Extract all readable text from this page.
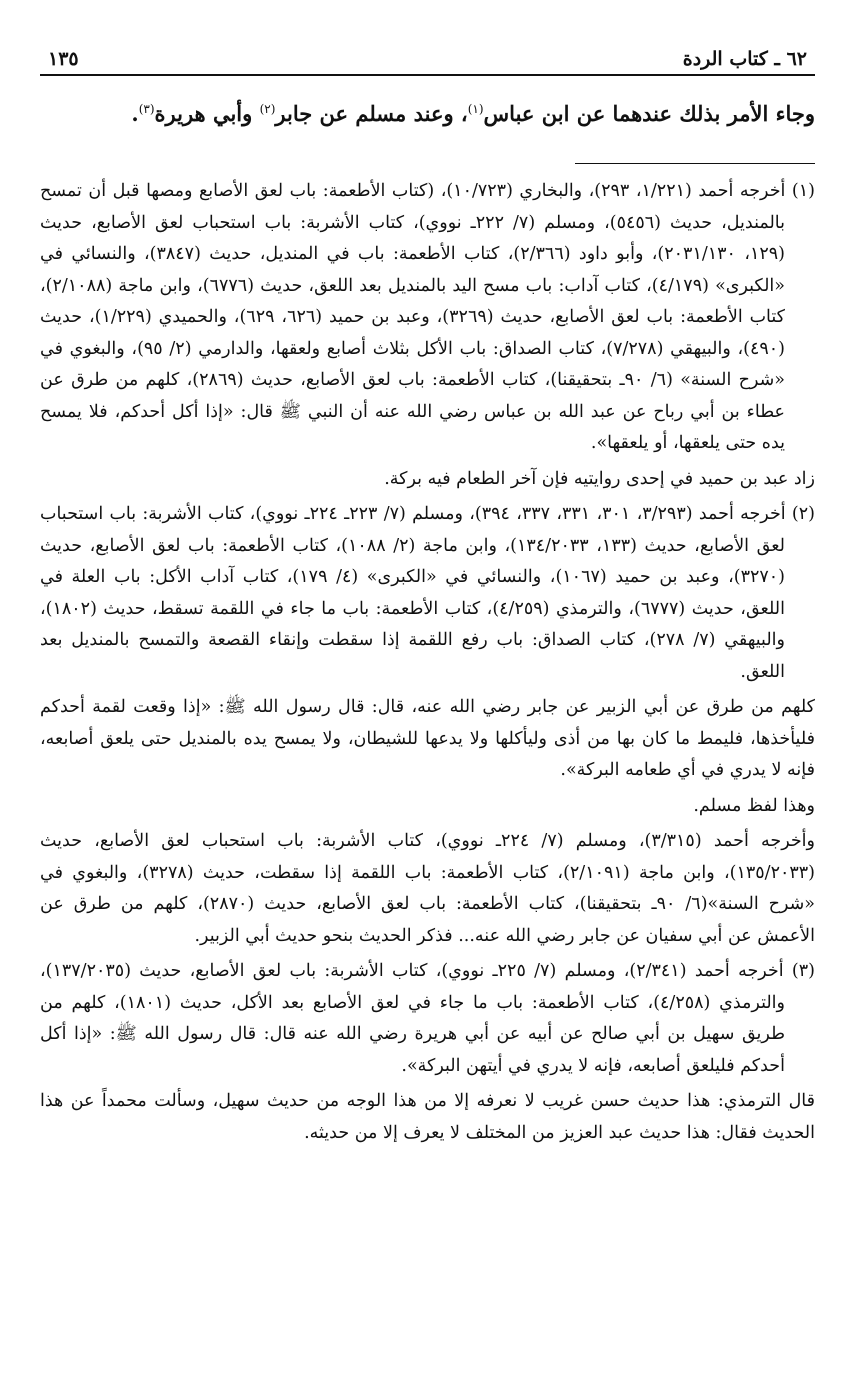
٦٢ ـ كتاب الردة
١٣٥
وجاء الأمر بذلك عندهما عن ابن عباس$^{(١)}$، وعند مسلم عن جابر$^{(٢)}$ وأبي هريرة$^{(٣)}$.

(١) أخرجه أحمد (١/٢٢١، ٢٩٣)، والبخاري (١٠/٧٢٣)، (كتاب الأطعمة: باب لعق الأصابع ومصها قبل أن تمسح بالمنديل، حديث (٥٤٥٦)، ومسلم (٧/ ٢٢٢ـ نووي)، كتاب الأشربة: باب استحباب لعق الأصابع، حديث (١٢٩، ٢٠٣١/١٣٠)، وأبو داود (٢/٣٦٦)، كتاب الأطعمة: باب في المنديل، حديث (٣٨٤٧)، والنسائي في «الكبرى» (٤/١٧٩)، كتاب آداب: باب مسح اليد بالمنديل بعد اللعق، حديث (٦٧٧٦)، وابن ماجة (٢/١٠٨٨)، كتاب الأطعمة: باب لعق الأصابع، حديث (٣٢٦٩)، وعبد بن حميد (٦٢٦، ٦٢٩)، والحميدي (١/٢٢٩)، حديث (٤٩٠)، والبيهقي (٧/٢٧٨)، كتاب الصداق: باب الأكل بثلاث أصابع ولعقها، والدارمي (٢/ ٩٥)، والبغوي في «شرح السنة» (٦/ ٩٠ـ بتحقيقنا)، كتاب الأطعمة: باب لعق الأصابع، حديث (٢٨٦٩)، كلهم من طرق عن عطاء بن أبي رباح عن عبد الله بن عباس رضي الله عنه أن النبي ﷺ قال: «إذا أكل أحدكم، فلا يمسح يده حتى يلعقها، أو يلعقها».

زاد عبد بن حميد في إحدى روايتيه فإن آخر الطعام فيه بركة.

(٢) أخرجه أحمد (٣/٢٩٣، ٣٠١، ٣٣١، ٣٣٧، ٣٩٤)، ومسلم (٧/ ٢٢٣ـ ٢٢٤ـ نووي)، كتاب الأشربة: باب استحباب لعق الأصابع، حديث (١٣٣، ١٣٤/٢٠٣٣)، وابن ماجة (٢/ ١٠٨٨)، كتاب الأطعمة: باب لعق الأصابع، حديث (٣٢٧٠)، وعبد بن حميد (١٠٦٧)، والنسائي في «الكبرى» (٤/ ١٧٩)، كتاب آداب الأكل: باب العلة في اللعق، حديث (٦٧٧٧)، والترمذي (٤/٢٥٩)، كتاب الأطعمة: باب ما جاء في اللقمة تسقط، حديث (١٨٠٢)، والبيهقي (٧/ ٢٧٨)، كتاب الصداق: باب رفع اللقمة إذا سقطت وإنقاء القصعة والتمسح بالمنديل بعد اللعق.

كلهم من طرق عن أبي الزبير عن جابر رضي الله عنه، قال: قال رسول الله ﷺ: «إذا وقعت لقمة أحدكم فليأخذها، فليمط ما كان بها من أذى وليأكلها ولا يدعها للشيطان، ولا يمسح يده بالمنديل حتى يلعق أصابعه، فإنه لا يدري في أي طعامه البركة».

وهذا لفظ مسلم.

وأخرجه أحمد (٣/٣١٥)، ومسلم (٧/ ٢٢٤ـ نووي)، كتاب الأشربة: باب استحباب لعق الأصابع، حديث (١٣٥/٢٠٣٣)، وابن ماجة (٢/١٠٩١)، كتاب الأطعمة: باب اللقمة إذا سقطت، حديث (٣٢٧٨)، والبغوي في «شرح السنة»(٦/ ٩٠ـ بتحقيقنا)، كتاب الأطعمة: باب لعق الأصابع، حديث (٢٨٧٠)، كلهم من طرق عن الأعمش عن أبي سفيان عن جابر رضي الله عنه... فذكر الحديث بنحو حديث أبي الزبير.

(٣) أخرجه أحمد (٢/٣٤١)، ومسلم (٧/ ٢٢٥ـ نووي)، كتاب الأشربة: باب لعق الأصابع، حديث (١٣٧/٢٠٣٥)، والترمذي (٤/٢٥٨)، كتاب الأطعمة: باب ما جاء في لعق الأصابع بعد الأكل، حديث (١٨٠١)، كلهم من طريق سهيل بن أبي صالح عن أبيه عن أبي هريرة رضي الله عنه قال: قال رسول الله ﷺ: «إذا أكل أحدكم فليلعق أصابعه، فإنه لا يدري في أيتهن البركة».

قال الترمذي: هذا حديث حسن غريب لا نعرفه إلا من هذا الوجه من حديث سهيل، وسألت محمداً عن هذا الحديث فقال: هذا حديث عبد العزيز من المختلف لا يعرف إلا من حديثه.
